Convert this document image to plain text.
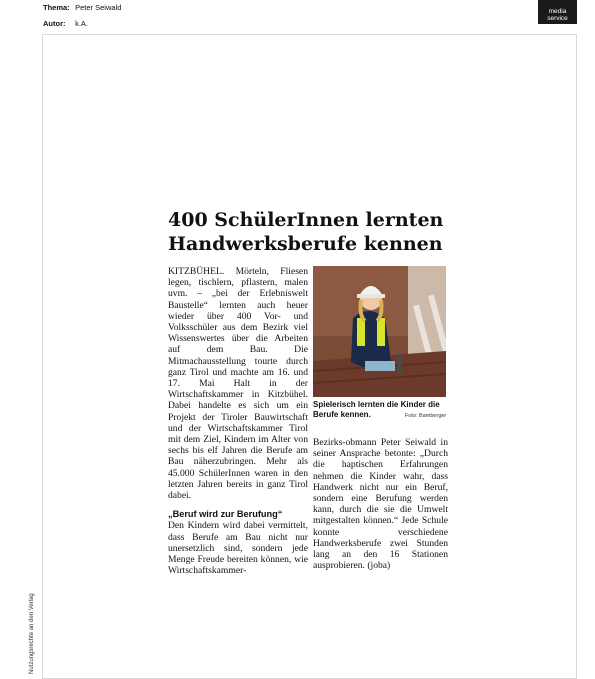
Thema: Peter Seiwald
Autor: k.A.
media
service
Nutzungsrechte an den Verlag
400 SchülerInnen lernten
Handwerksberufe kennen
KITZBÜHEL. Mörteln, Fliesen legen, tischlern, pflastern, malen uvm. – „bei der Erlebniswelt Baustelle“ lernten auch heuer wieder über 400 Vor- und Volksschüler aus dem Bezirk viel Wissenswertes über die Arbeiten auf dem Bau. Die Mitmachausstellung tourte durch ganz Tirol und machte am 16. und 17. Mai Halt in der Wirtschaftskammer in Kitzbühel. Dabei handelte es sich um ein Projekt der Tiroler Bauwirtschaft und der Wirtschaftskammer Tirol mit dem Ziel, Kindern im Alter von sechs bis elf Jahren die Berufe am Bau näherzubringen. Mehr als 45.000 SchülerInnen waren in den letzten Jahren bereits in ganz Tirol dabei.
„Beruf wird zur Berufung“
Den Kindern wird dabei vermittelt, dass Berufe am Bau nicht nur unersetzlich sind, sondern jede Menge Freude bereiten können, wie Wirtschaftskammer-
Spielerisch lernten die Kinder die Berufe kennen.	Foto: Bamberger
Bezirks-obmann Peter Seiwald in seiner Ansprache betonte: „Durch die haptischen Erfahrungen nehmen die Kinder wahr, dass Handwerk nicht nur ein Beruf, sondern eine Berufung werden kann, durch die sie die Umwelt mitgestalten können.“ Jede Schule konnte verschiedene Handwerksberufe zwei Stunden lang an den 16 Stationen ausprobieren. (joba)
